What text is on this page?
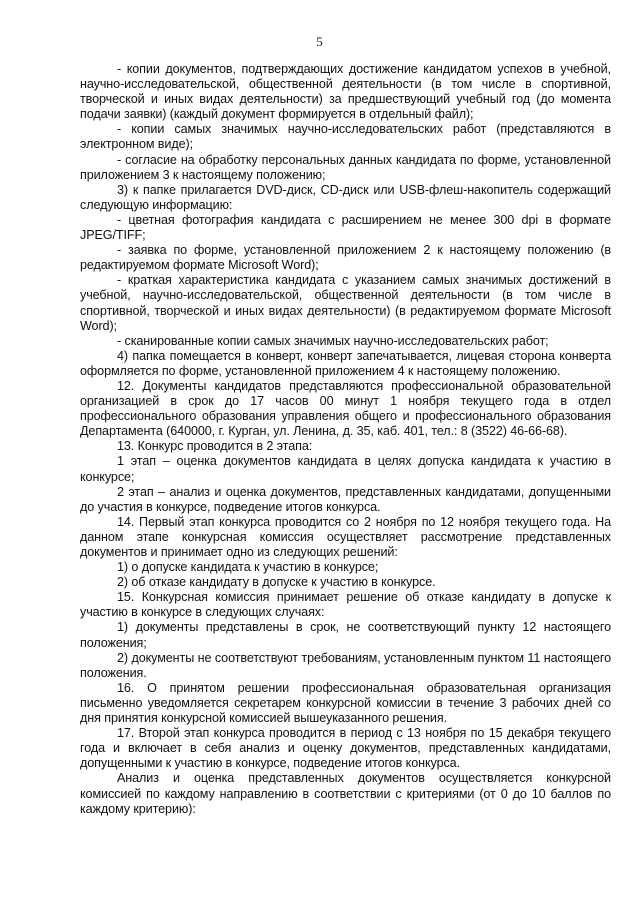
5

- копии документов, подтверждающих достижение кандидатом успехов в учебной, научно-исследовательской, общественной деятельности (в том числе в спортивной, творческой и иных видах деятельности) за предшествующий учебный год (до момента подачи заявки) (каждый документ формируется в отдельный файл);

- копии самых значимых научно-исследовательских работ (представляются в электронном виде);

- согласие на обработку персональных данных кандидата по форме, установленной приложением 3 к настоящему положению;

3) к папке прилагается DVD-диск, CD-диск или USB-флеш-накопитель содержащий следующую информацию:

- цветная фотография кандидата с расширением не менее 300 dpi в формате JPEG/TIFF;

- заявка по форме, установленной приложением 2 к настоящему положению (в редактируемом формате Microsoft Word);

- краткая характеристика кандидата с указанием самых значимых достижений в учебной, научно-исследовательской, общественной деятельности (в том числе в спортивной, творческой и иных видах деятельности) (в редактируемом формате Microsoft Word);

- сканированные копии самых значимых научно-исследовательских работ;

4) папка помещается в конверт, конверт запечатывается, лицевая сторона конверта оформляется по форме, установленной приложением 4 к настоящему положению.

12. Документы кандидатов представляются профессиональной образовательной организацией в срок до 17 часов 00 минут 1 ноября текущего года в отдел профессионального образования управления общего и профессионального образования Департамента (640000, г. Курган, ул. Ленина, д. 35, каб. 401, тел.: 8 (3522) 46-66-68).

13. Конкурс проводится в 2 этапа:

1 этап – оценка документов кандидата в целях допуска кандидата к участию в конкурсе;

2 этап – анализ и оценка документов, представленных кандидатами, допущенными до участия в конкурсе, подведение итогов конкурса.

14. Первый этап конкурса проводится со 2 ноября по 12 ноября текущего года. На данном этапе конкурсная комиссия осуществляет рассмотрение представленных документов и принимает одно из следующих решений:

1) о допуске кандидата к участию в конкурсе;

2) об отказе кандидату в допуске к участию в конкурсе.

15. Конкурсная комиссия принимает решение об отказе кандидату в допуске к участию в конкурсе в следующих случаях:

1) документы представлены в срок, не соответствующий пункту 12 настоящего положения;

2) документы не соответствуют требованиям, установленным пунктом 11 настоящего положения.

16. О принятом решении профессиональная образовательная организация письменно уведомляется секретарем конкурсной комиссии в течение 3 рабочих дней со дня принятия конкурсной комиссией вышеуказанного решения.

17. Второй этап конкурса проводится в период с 13 ноября по 15 декабря текущего года и включает в себя анализ и оценку документов, представленных кандидатами, допущенными к участию в конкурсе, подведение итогов конкурса.

Анализ и оценка представленных документов осуществляется конкурсной комиссией по каждому направлению в соответствии с критериями (от 0 до 10 баллов по каждому критерию):
